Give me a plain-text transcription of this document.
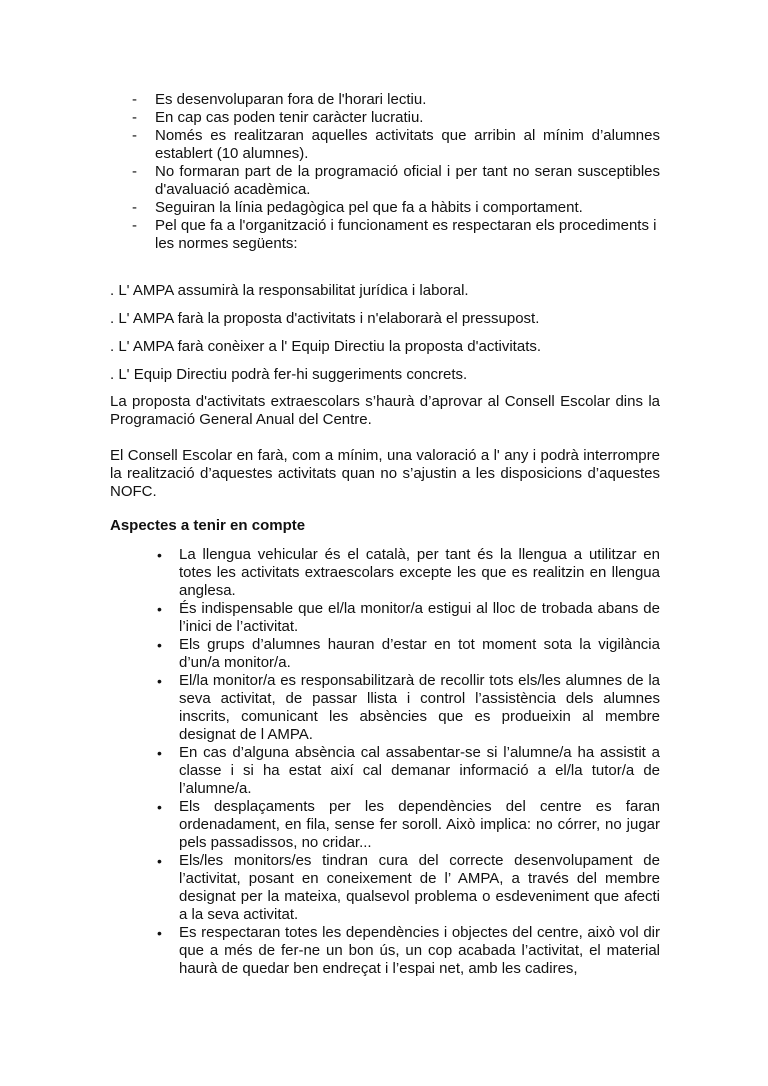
- Es desenvoluparan fora de l'horari lectiu.
- En cap cas poden tenir caràcter lucratiu.
- Només es realitzaran aquelles activitats que arribin al mínim d’alumnes establert (10 alumnes).
- No formaran part de la programació oficial i per tant no seran susceptibles d'avaluació acadèmica.
- Seguiran la línia pedagògica pel que fa a hàbits i comportament.
- Pel que fa a l'organització i funcionament es respectaran els procediments i les normes següents:

. L' AMPA assumirà la responsabilitat jurídica i laboral.

. L' AMPA farà la proposta d'activitats i n'elaborarà el pressupost.

. L' AMPA farà conèixer a l' Equip Directiu la proposta d'activitats.

. L' Equip Directiu podrà fer-hi suggeriments concrets.

La proposta d'activitats extraescolars s’haurà d’aprovar al Consell Escolar dins la Programació General Anual del Centre.

El Consell Escolar en farà, com a mínim, una valoració a l' any i podrà interrompre la realització d’aquestes activitats quan no s’ajustin a les disposicions d’aquestes NOFC.

Aspectes a tenir en compte
• La llengua vehicular és el català, per tant és la llengua a utilitzar en totes les activitats extraescolars excepte les que es realitzin en llengua anglesa.
• És indispensable que el/la monitor/a estigui al lloc de trobada abans de l’inici de l’activitat.
• Els grups d’alumnes hauran d’estar en tot moment sota la vigilància d’un/a monitor/a.
• El/la monitor/a es responsabilitzarà de recollir tots els/les alumnes de la seva activitat, de passar llista i control l’assistència dels alumnes inscrits, comunicant les absències que es produeixin al membre designat de l AMPA.
• En cas d’alguna absència cal assabentar-se si l’alumne/a ha assistit a classe i si ha estat així cal demanar informació a el/la tutor/a de l’alumne/a.
• Els desplaçaments per les dependències del centre es faran ordenadament, en fila, sense fer soroll. Això implica: no córrer, no jugar pels passadissos, no cridar...
• Els/les monitors/es tindran cura del correcte desenvolupament de l’activitat, posant en coneixement de l’ AMPA, a través del membre designat per la mateixa, qualsevol problema o esdeveniment que afecti a la seva activitat.
• Es respectaran totes les dependències i objectes del centre, això vol dir que a més de fer-ne un bon ús, un cop acabada l’activitat, el material haurà de quedar ben endreçat i l’espai net, amb les cadires,
